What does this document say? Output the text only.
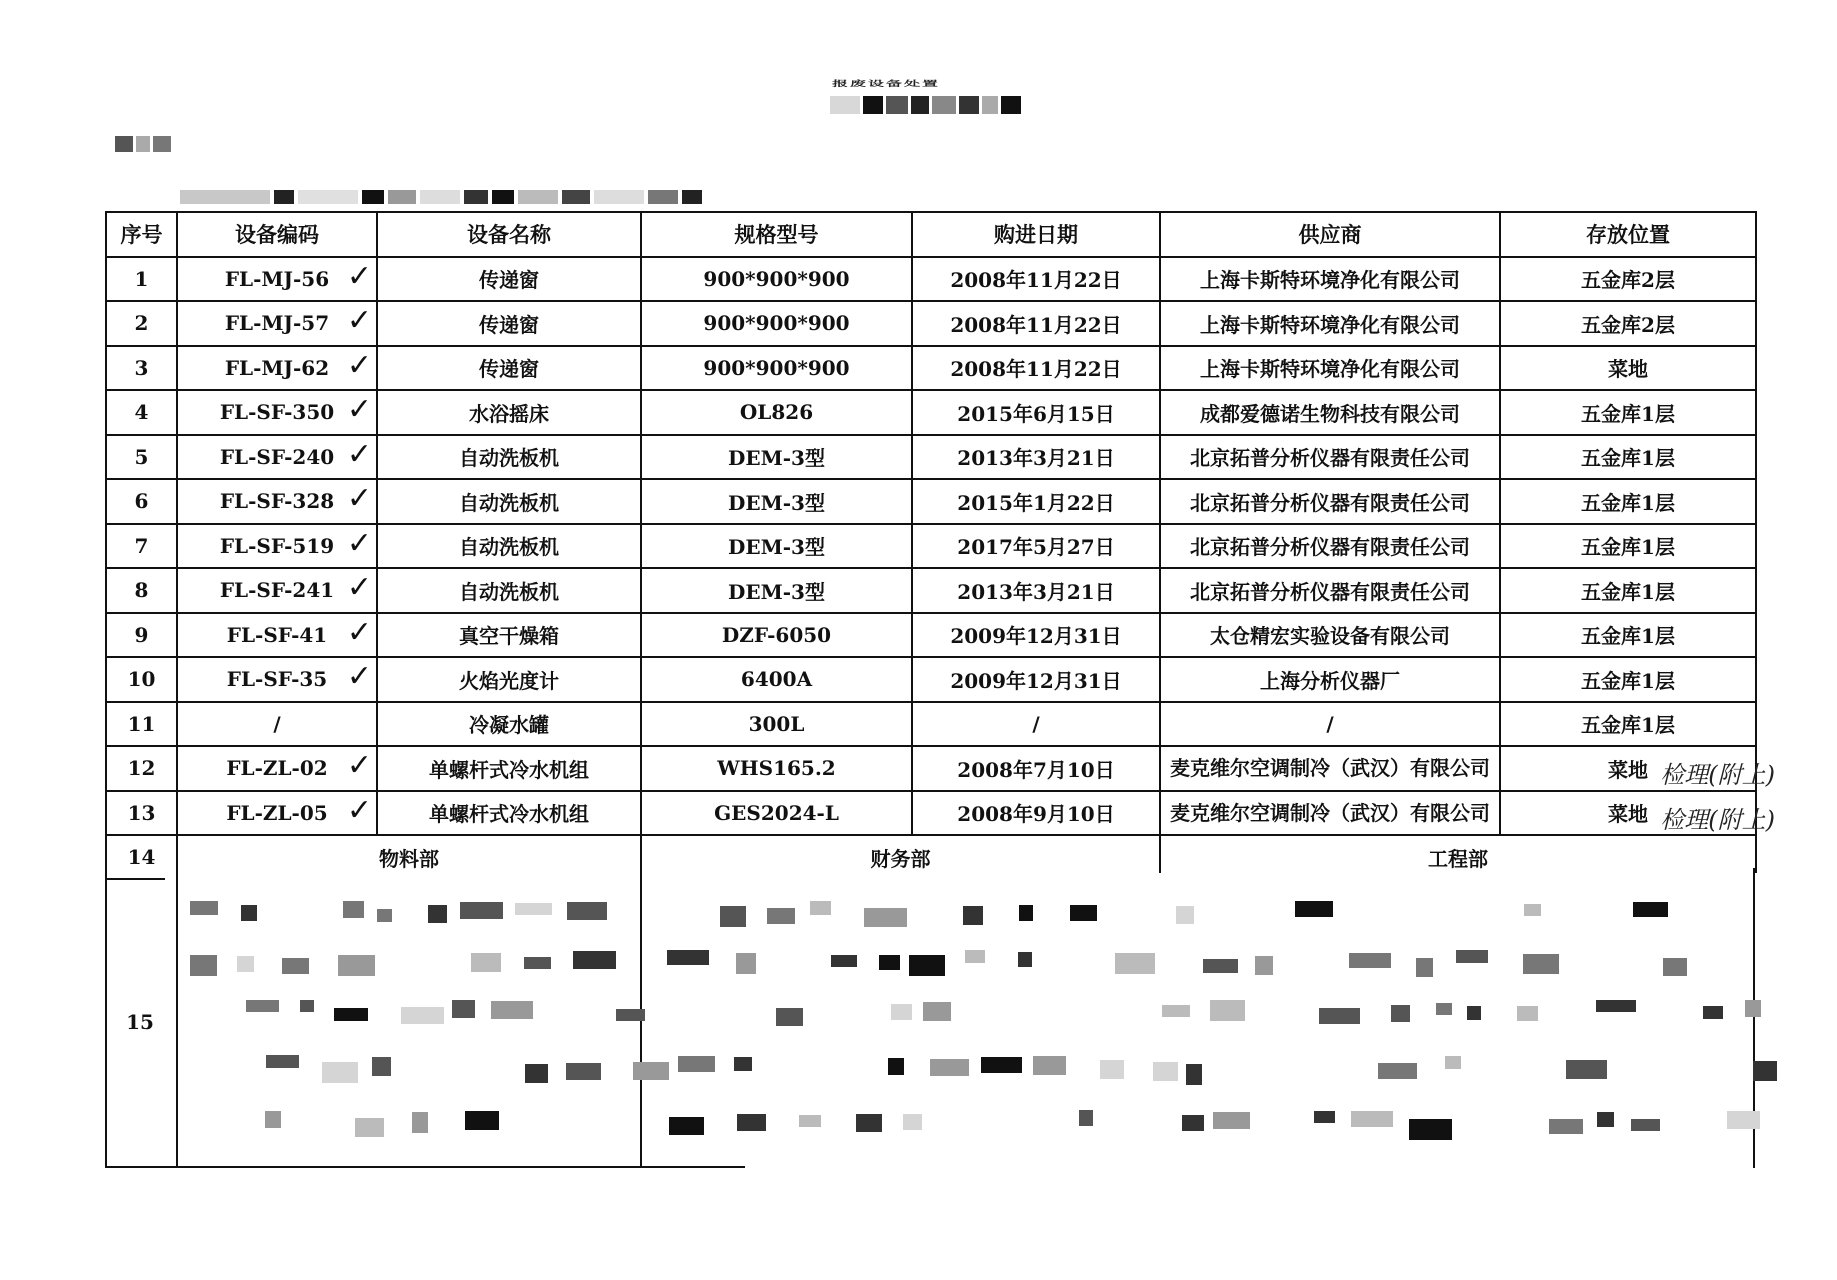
报废设备处置
序号	设备编码	设备名称	规格型号	购进日期	供应商	存放位置
1	FL-MJ-56 ✓	传递窗	900*900*900	2008年11月22日	上海卡斯特环境净化有限公司	五金库2层
2	FL-MJ-57 ✓	传递窗	900*900*900	2008年11月22日	上海卡斯特环境净化有限公司	五金库2层
3	FL-MJ-62 ✓	传递窗	900*900*900	2008年11月22日	上海卡斯特环境净化有限公司	菜地
4	FL-SF-350 ✓	水浴摇床	OL826	2015年6月15日	成都爱德诺生物科技有限公司	五金库1层
5	FL-SF-240 ✓	自动洗板机	DEM-3型	2013年3月21日	北京拓普分析仪器有限责任公司	五金库1层
6	FL-SF-328 ✓	自动洗板机	DEM-3型	2015年1月22日	北京拓普分析仪器有限责任公司	五金库1层
7	FL-SF-519 ✓	自动洗板机	DEM-3型	2017年5月27日	北京拓普分析仪器有限责任公司	五金库1层
8	FL-SF-241 ✓	自动洗板机	DEM-3型	2013年3月21日	北京拓普分析仪器有限责任公司	五金库1层
9	FL-SF-41 ✓	真空干燥箱	DZF-6050	2009年12月31日	太仓精宏实验设备有限公司	五金库1层
10	FL-SF-35 ✓	火焰光度计	6400A	2009年12月31日	上海分析仪器厂	五金库1层
11	/	冷凝水罐	300L	/	/	五金库1层
12	FL-ZL-02 ✓	单螺杆式冷水机组	WHS165.2	2008年7月10日	麦克维尔空调制冷（武汉）有限公司	菜地 检理(附上)

13	FL-ZL-05 ✓	单螺杆式冷水机组	GES2024-L	2008年9月10日	麦克维尔空调制冷（武汉）有限公司	菜地 检理(附上)

14	物料部		财务部		工程部	
15
